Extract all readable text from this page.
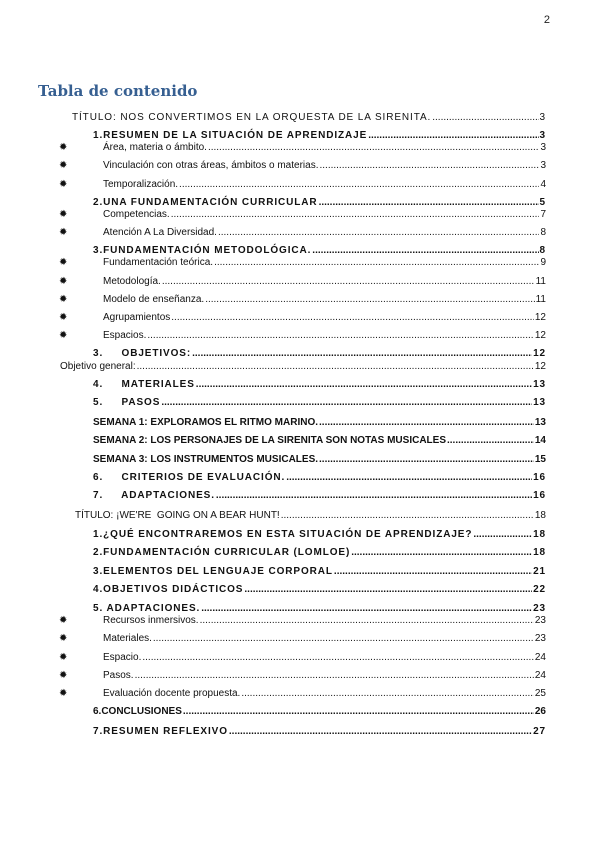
2
Tabla de contenido
TÍTULO: NOS CONVERTIMOS EN LA ORQUESTA DE LA SIRENITA. .....	3
1.RESUMEN DE LA SITUACIÓN DE APRENDIZAJE .....	3
✹	Área, materia o ámbito. .....	3
✹	Vinculación con otras áreas, ámbitos o materias. .....	3
✹	Temporalización. .....	4
2.UNA FUNDAMENTACIÓN CURRICULAR .....	5
✹	Competencias. .....	7
✹	Atención A La Diversidad. .....	8
3.FUNDAMENTACIÓN METODOLÓGICA. .....	8
✹	Fundamentación teórica. .....	9
✹	Metodología. .....	11
✹	Modelo de enseñanza. .....	11
✹	Agrupamientos .....	12
✹	Espacios. .....	12
3.     OBJETIVOS: .....	12
Objetivo general: .....	12
4.     MATERIALES .....	13
5.     PASOS .....	13
SEMANA 1: EXPLORAMOS EL RITMO MARINO. .....	13
SEMANA 2: LOS PERSONAJES DE LA SIRENITA SON NOTAS MUSICALES .....	14
SEMANA 3: LOS INSTRUMENTOS MUSICALES. .....	15
6.     CRITERIOS DE EVALUACIÓN. .....	16
7.     ADAPTACIONES. .....	16
TÍTULO: ¡WE'RE  GOING ON A BEAR HUNT! .....	18
1.¿QUÉ ENCONTRAREMOS EN ESTA SITUACIÓN DE APRENDIZAJE? .....	18
2.FUNDAMENTACIÓN CURRICULAR (LOMLOE) .....	18
3.ELEMENTOS DEL LENGUAJE CORPORAL .....	21
4.OBJETIVOS DIDÁCTICOS .....	22
5. ADAPTACIONES. .....	23
✹	Recursos inmersivos. .....	23
✹	Materiales. .....	23
✹	Espacio. .....	24
✹	Pasos. .....	24
✹	Evaluación docente propuesta. .....	25
6.CONCLUSIONES .....	26
7.RESUMEN REFLEXIVO .....	27
